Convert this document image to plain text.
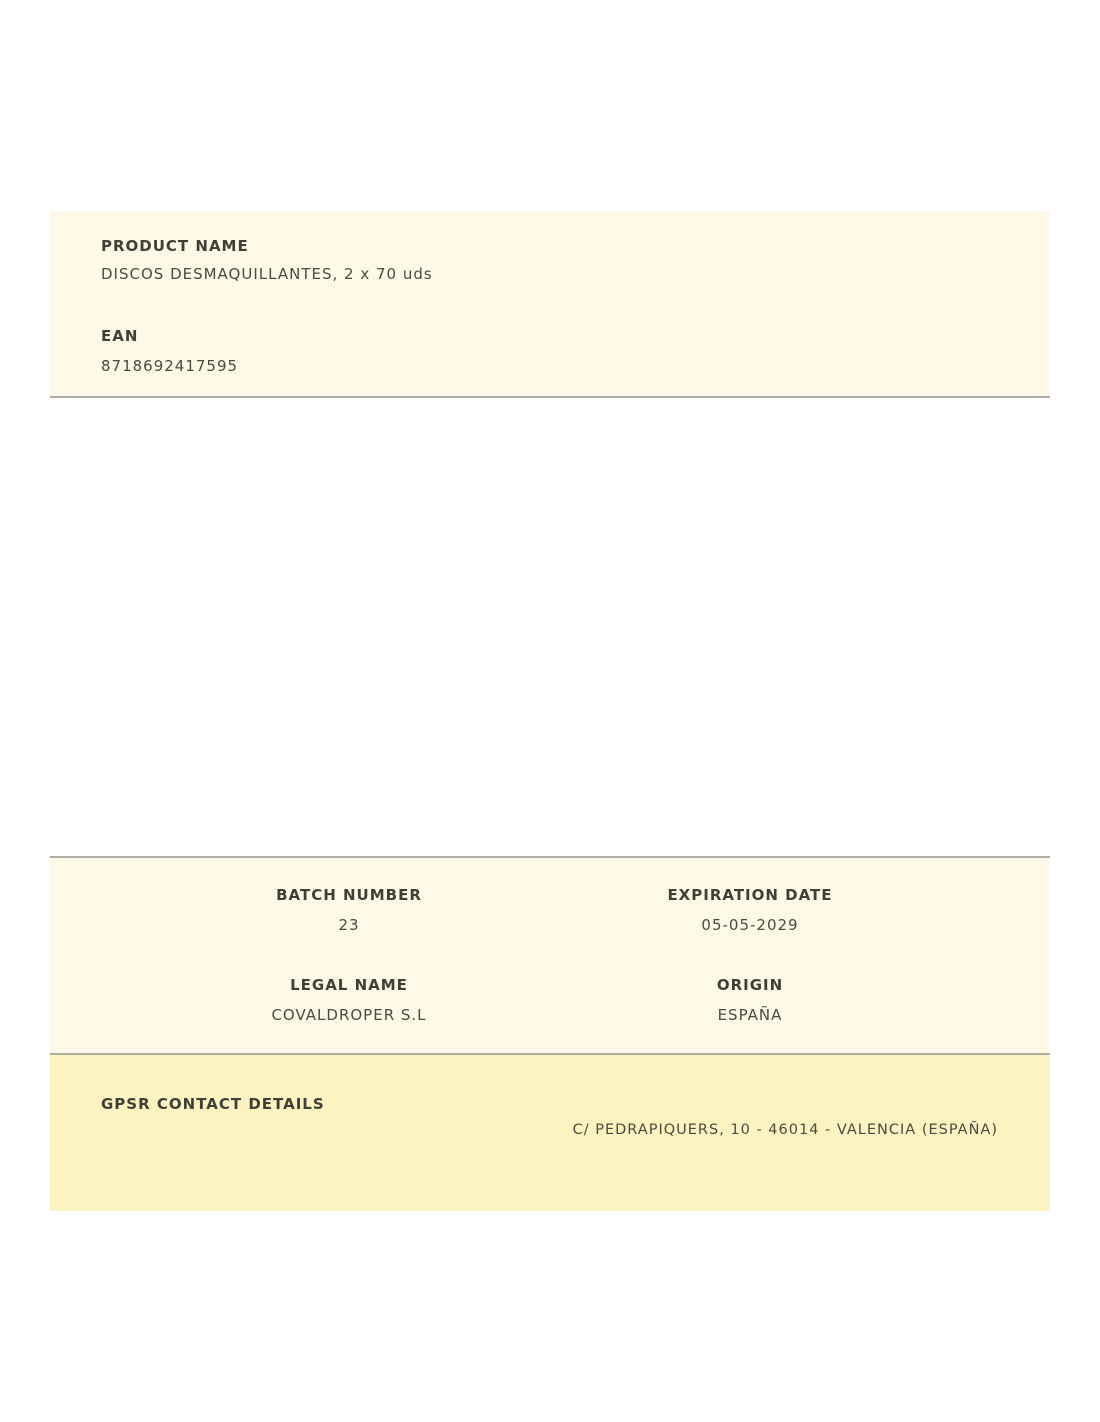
PRODUCT NAME
DISCOS DESMAQUILLANTES, 2 x 70 uds
EAN
8718692417595
BATCH NUMBER
23
EXPIRATION DATE
05-05-2029
LEGAL NAME
COVALDROPER S.L
ORIGIN
ESPAÑA
GPSR CONTACT DETAILS
C/ PEDRAPIQUERS, 10 - 46014 - VALENCIA (ESPAÑA)
